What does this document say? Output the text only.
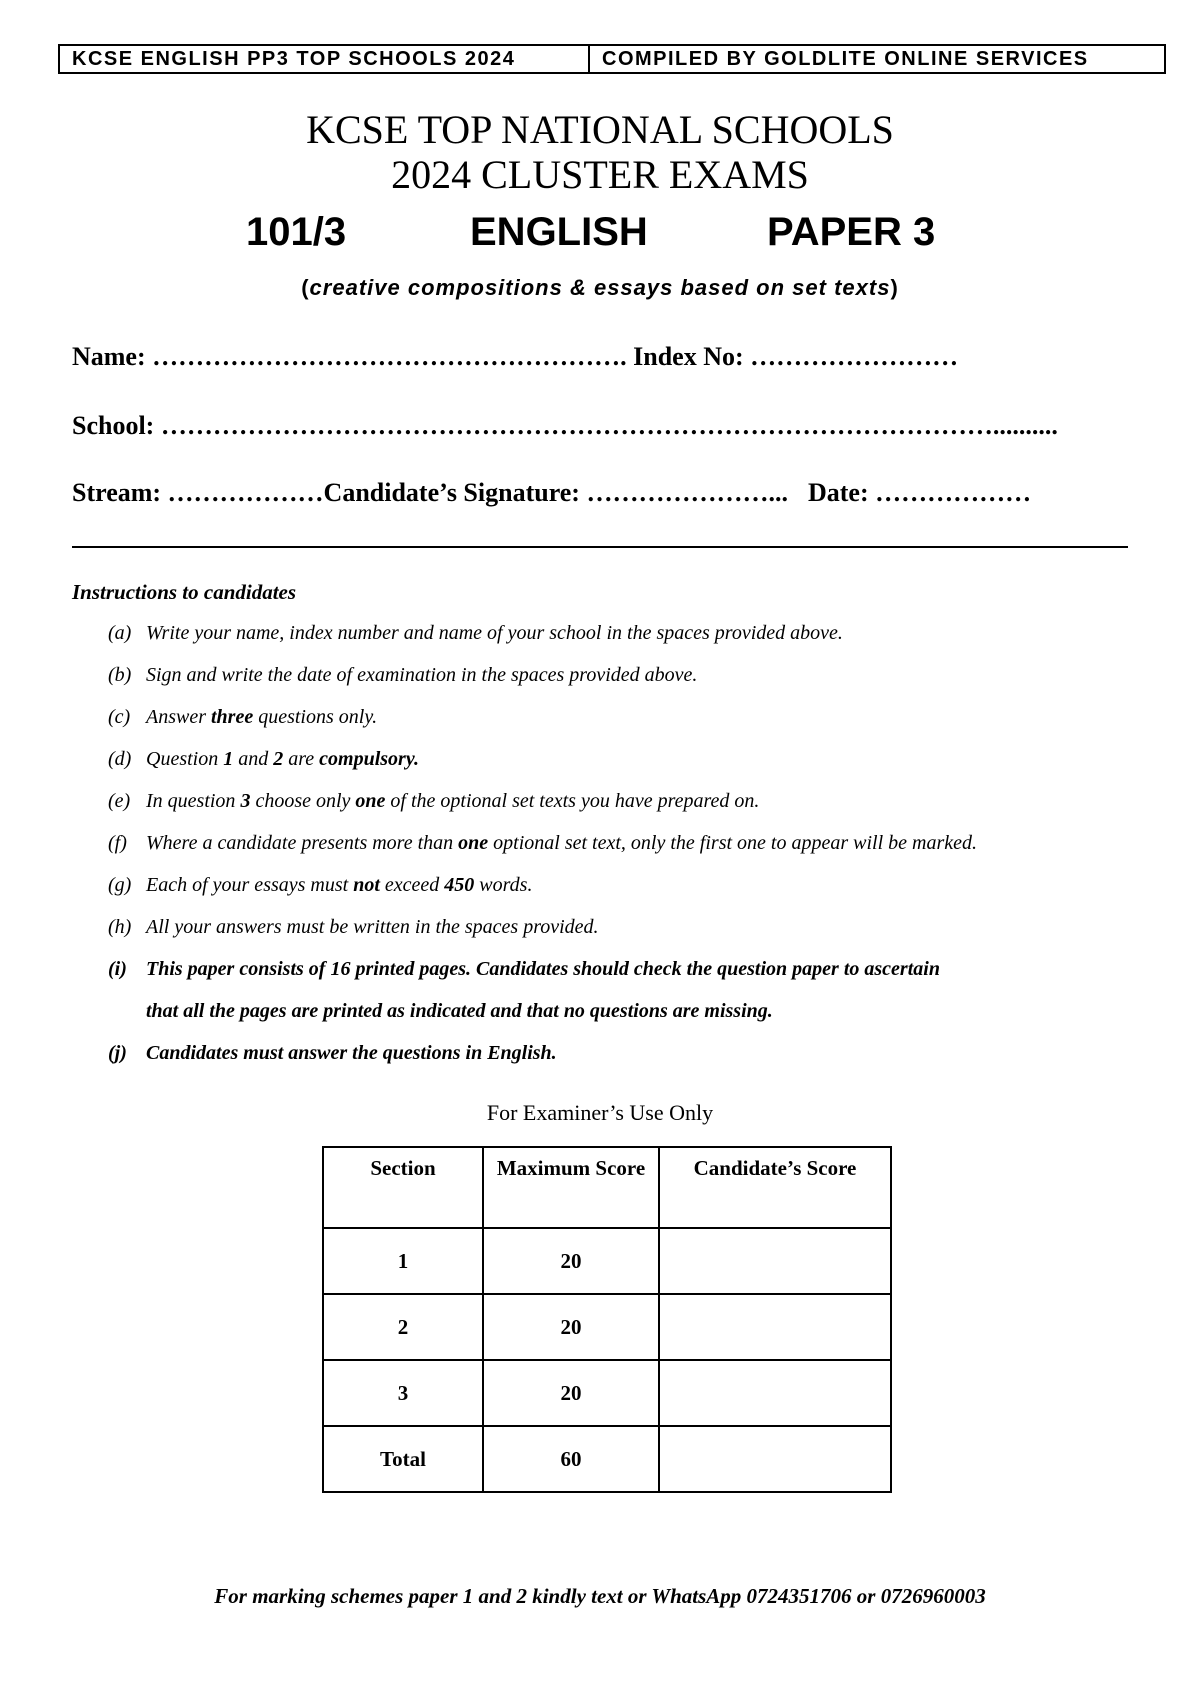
KCSE ENGLISH PP3 TOP SCHOOLS 2024	COMPILED BY GOLDLITE ONLINE SERVICES
KCSE TOP NATIONAL SCHOOLS
2024 CLUSTER EXAMS
101/3	ENGLISH	PAPER 3
(creative compositions & essays based on set texts)
Name: ………………………………………………. Index No: ……………………
School: ……………………………………………………………………………………..........
Stream: ………………Candidate’s Signature: …………………... Date: ………………
Instructions to candidates
(a) Write your name, index number and name of your school in the spaces provided above.
(b) Sign and write the date of examination in the spaces provided above.
(c) Answer three questions only.
(d) Question 1 and 2 are compulsory.
(e) In question 3 choose only one of the optional set texts you have prepared on.
(f) Where a candidate presents more than one optional set text, only the first one to appear will be marked.
(g) Each of your essays must not exceed 450 words.
(h) All your answers must be written in the spaces provided.
(i) This paper consists of 16 printed pages. Candidates should check the question paper to ascertain
that all the pages are printed as indicated and that no questions are missing.
(j) Candidates must answer the questions in English.
For Examiner’s Use Only
Section	Maximum Score	Candidate’s Score
1	20	
2	20	
3	20	
Total	60	
For marking schemes paper 1 and 2 kindly text or WhatsApp 0724351706 or 0726960003
